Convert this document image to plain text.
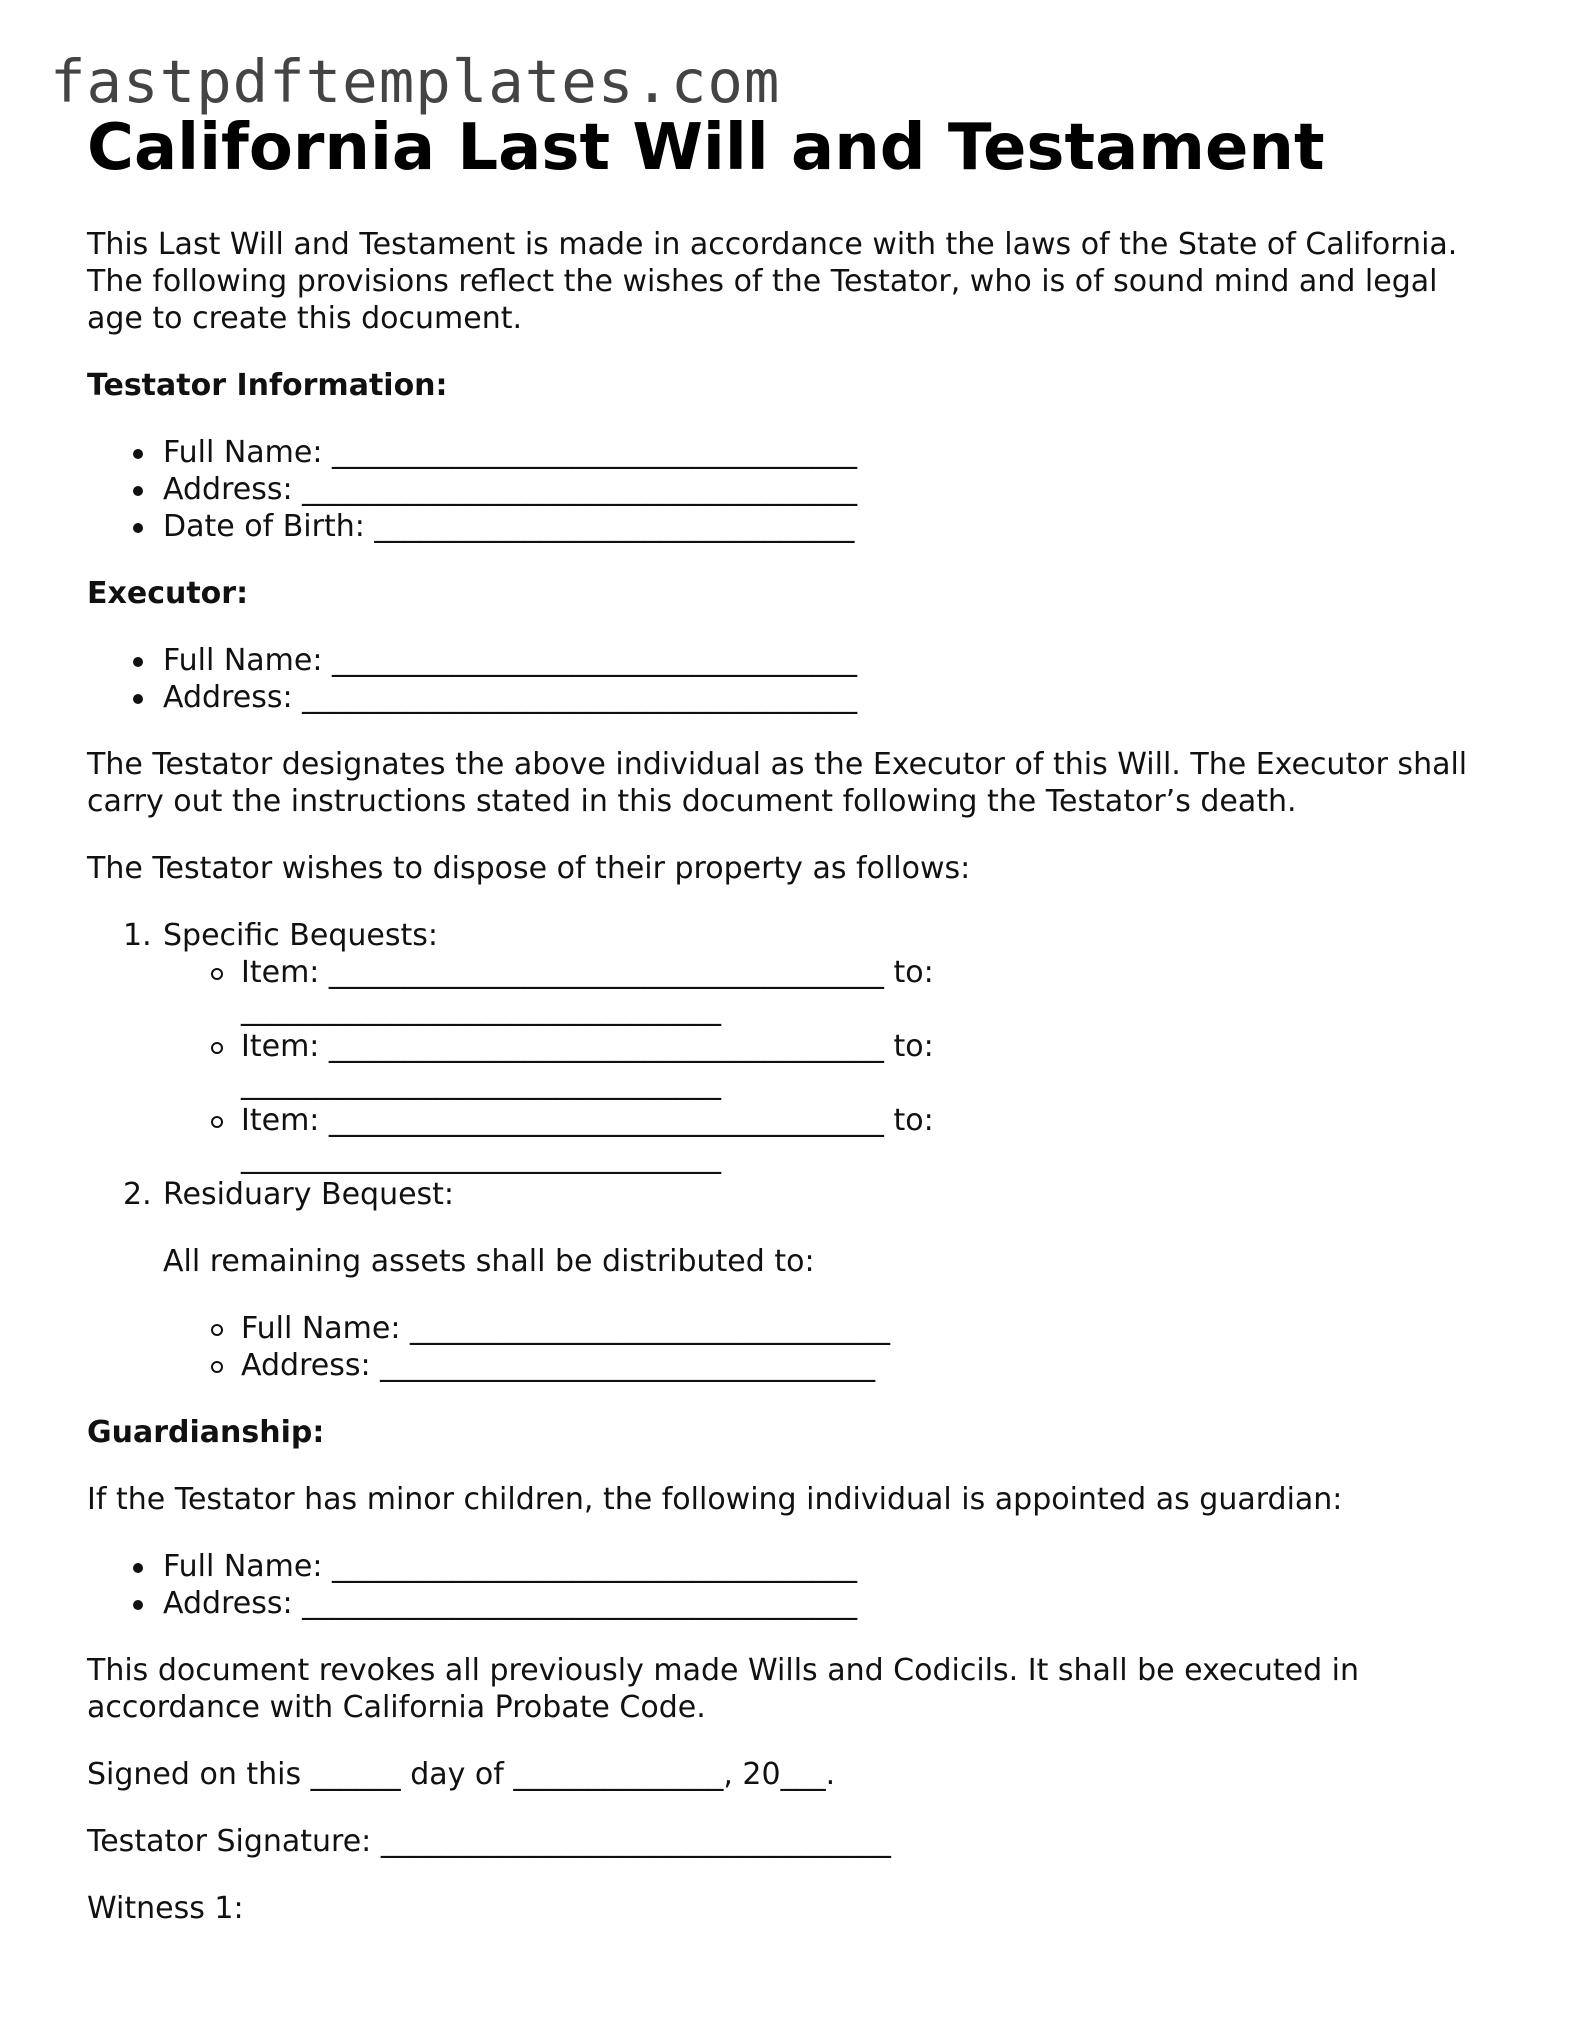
fastpdftemplates.com
California Last Will and Testament

This Last Will and Testament is made in accordance with the laws of the State of California. The following provisions reflect the wishes of the Testator, who is of sound mind and legal age to create this document.

Testator Information:
Full Name: ___________________________________
Address: _____________________________________
Date of Birth: ________________________________
Executor:
Full Name: ___________________________________
Address: _____________________________________

The Testator designates the above individual as the Executor of this Will. The Executor shall carry out the instructions stated in this document following the Testator’s death.

The Testator wishes to dispose of their property as follows:

1. Specific Bequests:
Item: _____________________________________ to: ________________________________
Item: _____________________________________ to: ________________________________
Item: _____________________________________ to: ________________________________
2. Residuary Bequest:
All remaining assets shall be distributed to:
Full Name: ________________________________
Address: _________________________________
Guardianship:

If the Testator has minor children, the following individual is appointed as guardian:

Full Name: ___________________________________
Address: _____________________________________

This document revokes all previously made Wills and Codicils. It shall be executed in accordance with California Probate Code.

Signed on this ______ day of ______________, 20___.

Testator Signature: __________________________________

Witness 1:
